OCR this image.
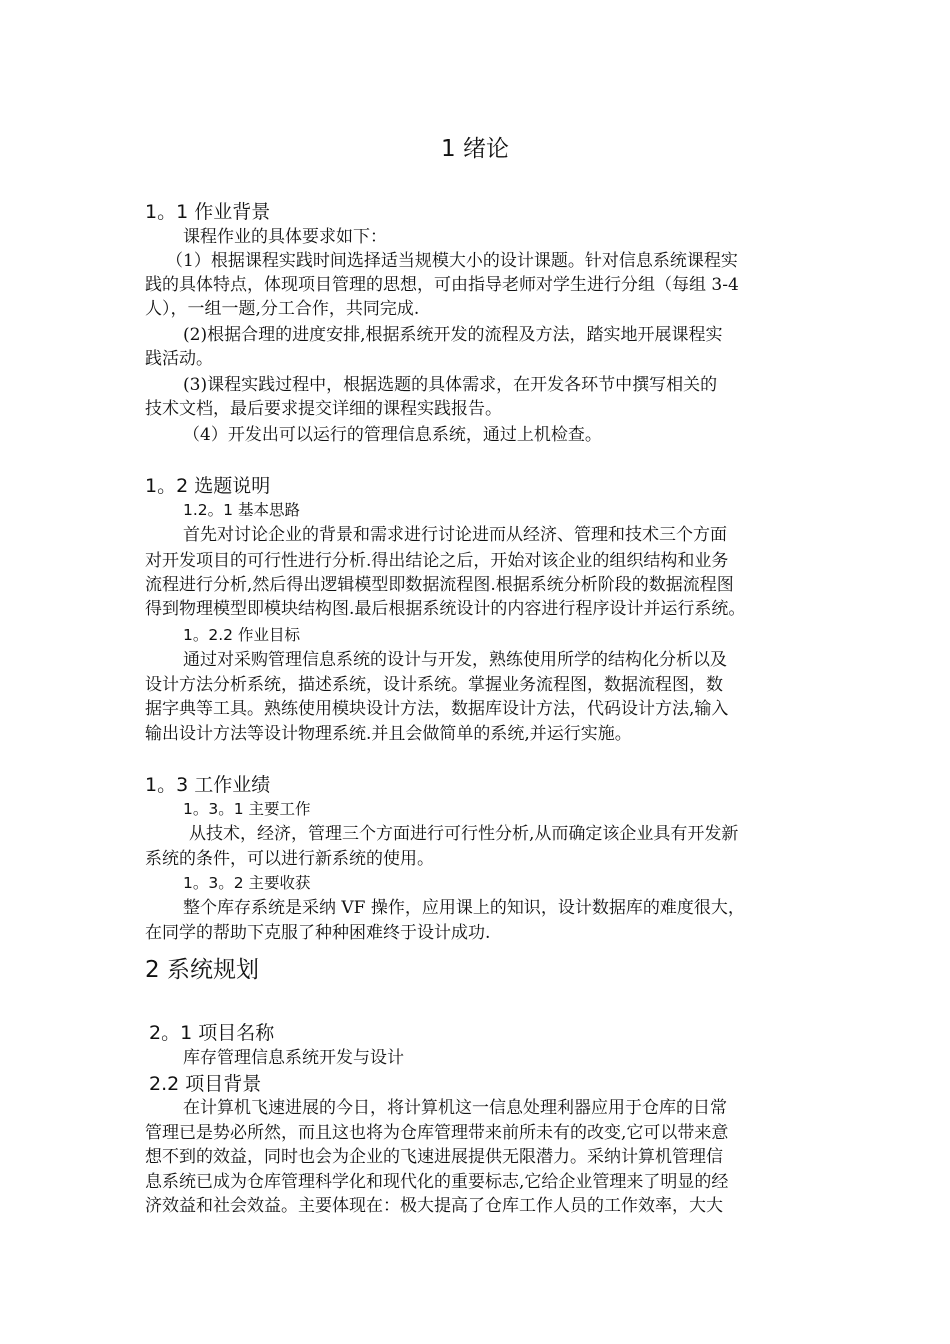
1 绪论
1。1 作业背景
课程作业的具体要求如下：
（1）根据课程实践时间选择适当规模大小的设计课题。针对信息系统课程实
践的具体特点，体现项目管理的思想，可由指导老师对学生进行分组（每组 3-4
人），一组一题,分工合作，共同完成.
(2)根据合理的进度安排,根据系统开发的流程及方法，踏实地开展课程实
践活动。
(3)课程实践过程中，根据选题的具体需求，在开发各环节中撰写相关的
技术文档，最后要求提交详细的课程实践报告。
（4）开发出可以运行的管理信息系统，通过上机检查。
1。2 选题说明
1.2。1 基本思路
首先对讨论企业的背景和需求进行讨论进而从经济、管理和技术三个方面
对开发项目的可行性进行分析.得出结论之后，开始对该企业的组织结构和业务
流程进行分析,然后得出逻辑模型即数据流程图.根据系统分析阶段的数据流程图
得到物理模型即模块结构图.最后根据系统设计的内容进行程序设计并运行系统。
1。2.2 作业目标
通过对采购管理信息系统的设计与开发，熟练使用所学的结构化分析以及
设计方法分析系统，描述系统，设计系统。掌握业务流程图，数据流程图，数
据字典等工具。熟练使用模块设计方法，数据库设计方法，代码设计方法,输入
输出设计方法等设计物理系统.并且会做简单的系统,并运行实施。
1。3 工作业绩
1。3。1 主要工作
从技术，经济，管理三个方面进行可行性分析,从而确定该企业具有开发新
系统的条件，可以进行新系统的使用。
1。3。2 主要收获
整个库存系统是采纳 VF 操作，应用课上的知识，设计数据库的难度很大，
在同学的帮助下克服了种种困难终于设计成功.
2 系统规划
2。1 项目名称
库存管理信息系统开发与设计
2.2 项目背景
在计算机飞速进展的今日，将计算机这一信息处理利器应用于仓库的日常
管理已是势必所然，而且这也将为仓库管理带来前所未有的改变,它可以带来意
想不到的效益，同时也会为企业的飞速进展提供无限潜力。采纳计算机管理信
息系统已成为仓库管理科学化和现代化的重要标志,它给企业管理来了明显的经
济效益和社会效益。主要体现在：极大提高了仓库工作人员的工作效率，大大
